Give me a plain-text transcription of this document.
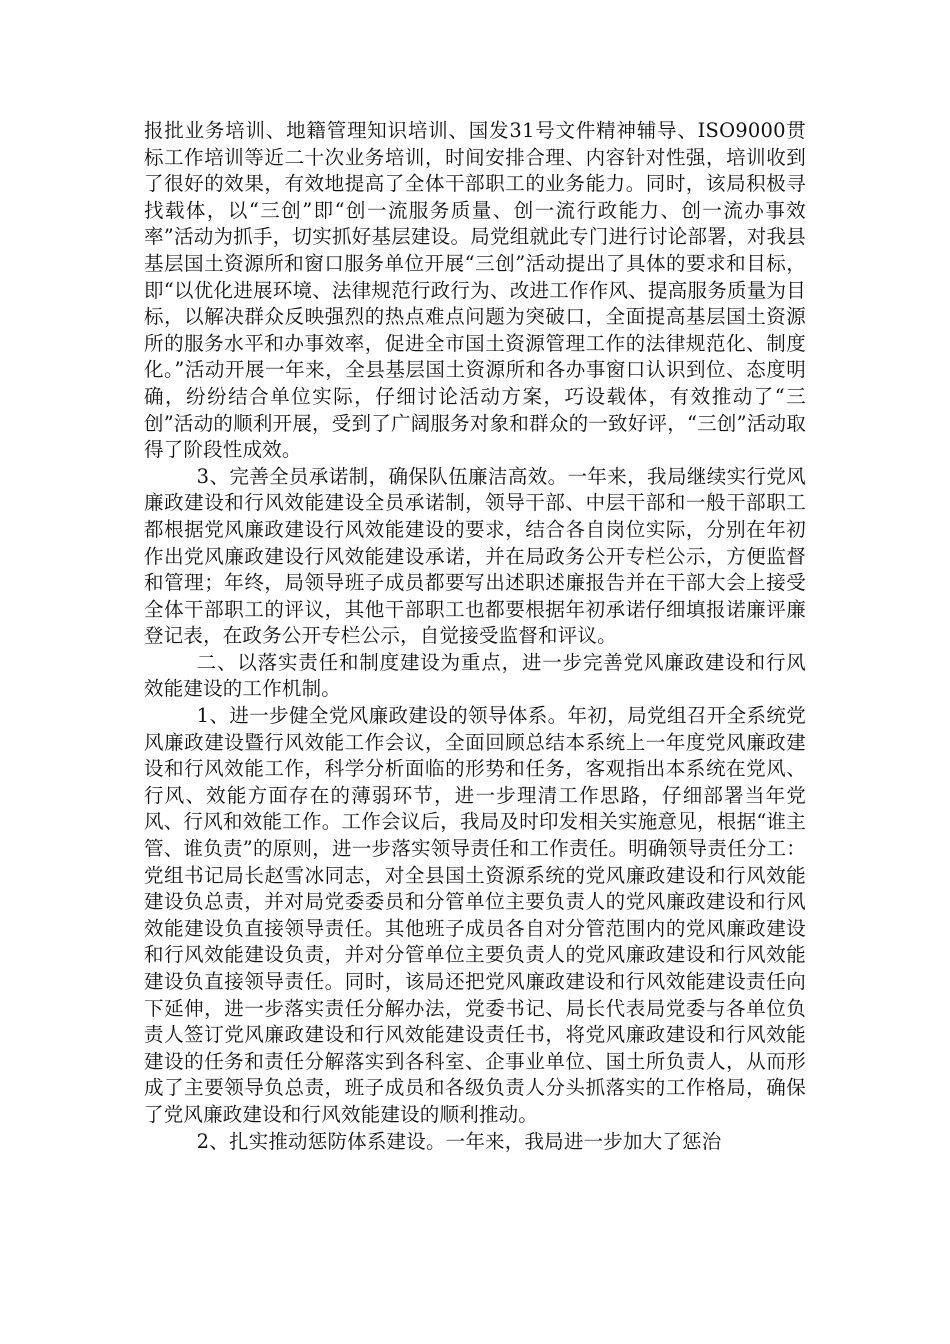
报批业务培训、地籍管理知识培训、国发31号文件精神辅导、ISO9000贯标工作培训等近二十次业务培训，时间安排合理、内容针对性强，培训收到了很好的效果，有效地提高了全体干部职工的业务能力。同时，该局积极寻找载体，以“三创”即“创一流服务质量、创一流行政能力、创一流办事效率”活动为抓手，切实抓好基层建设。局党组就此专门进行讨论部署，对我县基层国土资源所和窗口服务单位开展“三创”活动提出了具体的要求和目标，即“以优化进展环境、法律规范行政行为、改进工作作风、提高服务质量为目标，以解决群众反映强烈的热点难点问题为突破口，全面提高基层国土资源所的服务水平和办事效率，促进全市国土资源管理工作的法律规范化、制度化。”活动开展一年来，全县基层国土资源所和各办事窗口认识到位、态度明确，纷纷结合单位实际，仔细讨论活动方案，巧设载体，有效推动了“三创”活动的顺利开展，受到了广阔服务对象和群众的一致好评，“三创”活动取得了阶段性成效。

3、完善全员承诺制，确保队伍廉洁高效。一年来，我局继续实行党风廉政建设和行风效能建设全员承诺制，领导干部、中层干部和一般干部职工都根据党风廉政建设行风效能建设的要求，结合各自岗位实际，分别在年初作出党风廉政建设行风效能建设承诺，并在局政务公开专栏公示，方便监督和管理；年终，局领导班子成员都要写出述职述廉报告并在干部大会上接受全体干部职工的评议，其他干部职工也都要根据年初承诺仔细填报诺廉评廉登记表，在政务公开专栏公示，自觉接受监督和评议。

二、以落实责任和制度建设为重点，进一步完善党风廉政建设和行风效能建设的工作机制。

1、进一步健全党风廉政建设的领导体系。年初，局党组召开全系统党风廉政建设暨行风效能工作会议，全面回顾总结本系统上一年度党风廉政建设和行风效能工作，科学分析面临的形势和任务，客观指出本系统在党风、行风、效能方面存在的薄弱环节，进一步理清工作思路，仔细部署当年党风、行风和效能工作。工作会议后，我局及时印发相关实施意见，根据“谁主管、谁负责”的原则，进一步落实领导责任和工作责任。明确领导责任分工：党组书记局长赵雪冰同志，对全县国土资源系统的党风廉政建设和行风效能建设负总责，并对局党委委员和分管单位主要负责人的党风廉政建设和行风效能建设负直接领导责任。其他班子成员各自对分管范围内的党风廉政建设和行风效能建设负责，并对分管单位主要负责人的党风廉政建设和行风效能建设负直接领导责任。同时，该局还把党风廉政建设和行风效能建设责任向下延伸，进一步落实责任分解办法，党委书记、局长代表局党委与各单位负责人签订党风廉政建设和行风效能建设责任书，将党风廉政建设和行风效能建设的任务和责任分解落实到各科室、企事业单位、国土所负责人，从而形成了主要领导负总责，班子成员和各级负责人分头抓落实的工作格局，确保了党风廉政建设和行风效能建设的顺利推动。

2、扎实推动惩防体系建设。一年来，我局进一步加大了惩治
